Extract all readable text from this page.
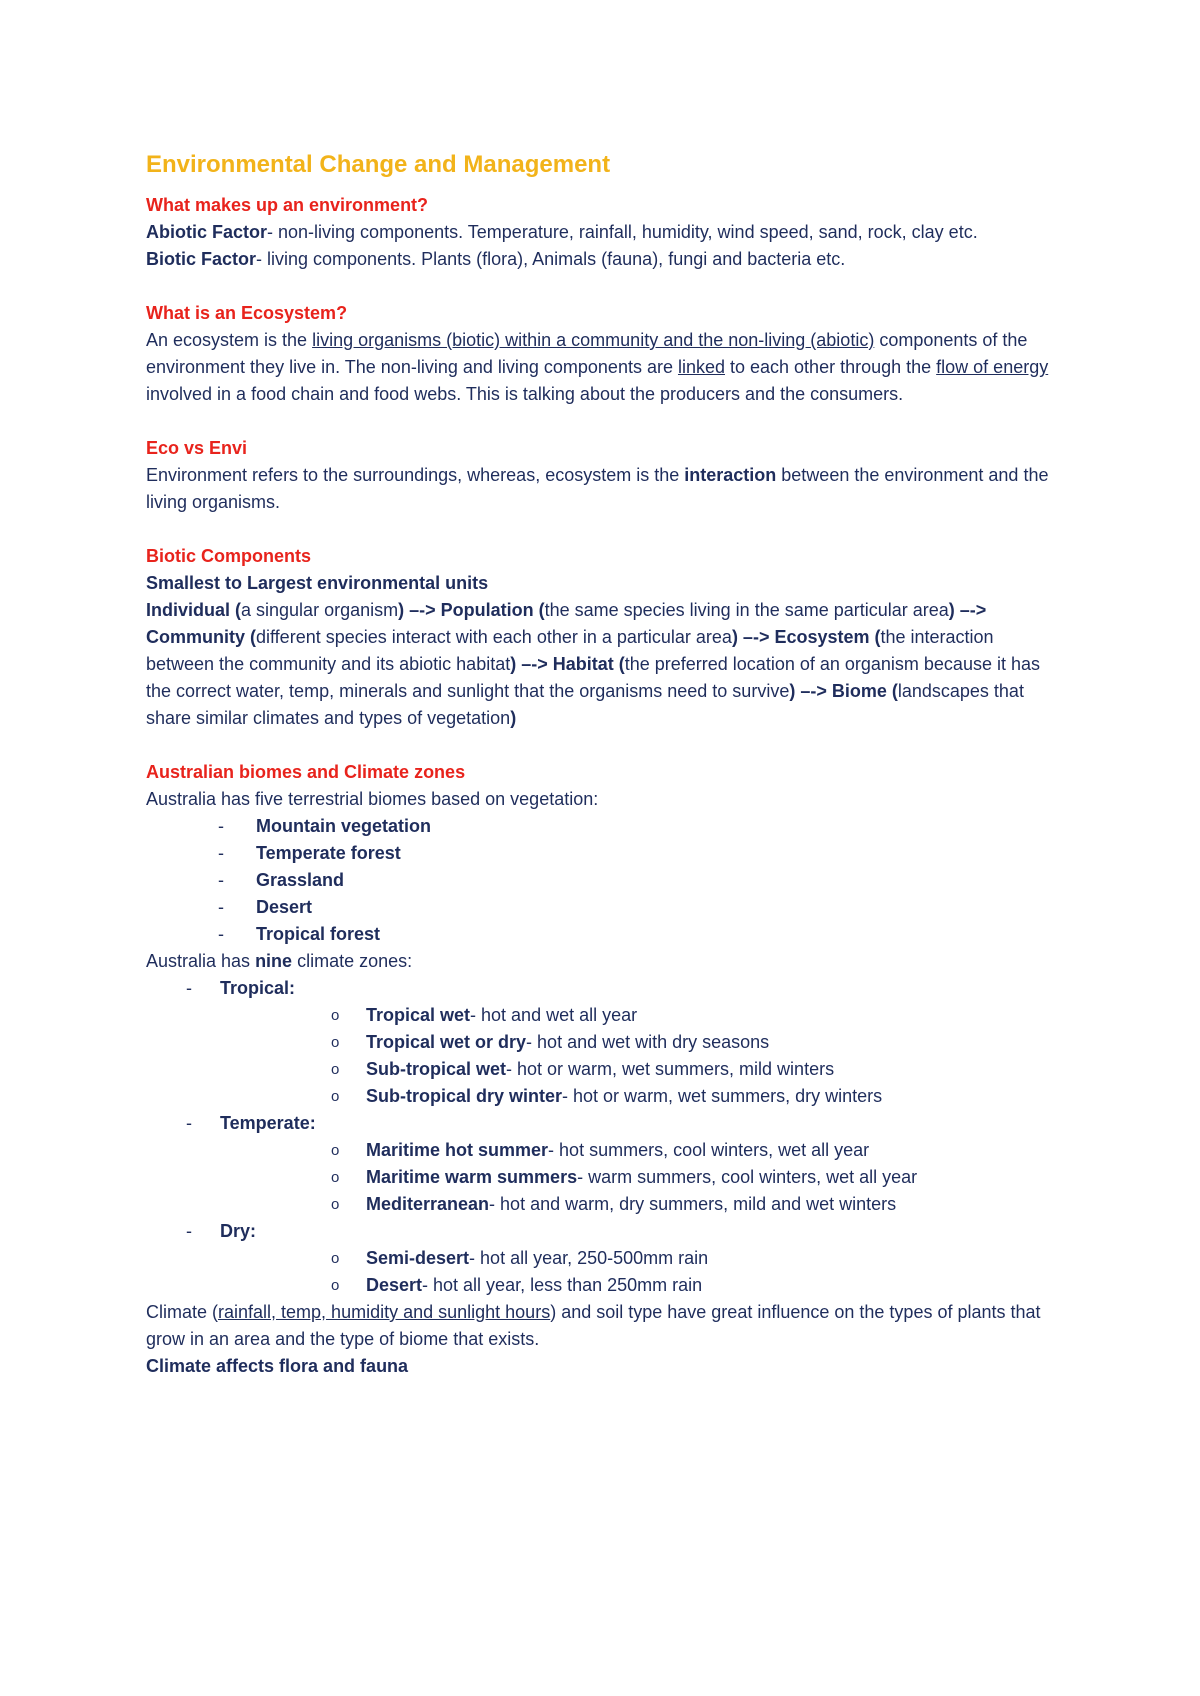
Environmental Change and Management

What makes up an environment?

Abiotic Factor- non-living components. Temperature, rainfall, humidity, wind speed, sand, rock, clay etc.

Biotic Factor- living components. Plants (flora), Animals (fauna), fungi and bacteria etc.

What is an Ecosystem?

An ecosystem is the living organisms (biotic) within a community and the non-living (abiotic) components of the environment they live in. The non-living and living components are linked to each other through the flow of energy involved in a food chain and food webs. This is talking about the producers and the consumers.

Eco vs Envi

Environment refers to the surroundings, whereas, ecosystem is the interaction between the environment and the living organisms.

Biotic Components

Smallest to Largest environmental units

Individual (a singular organism) –-> Population (the same species living in the same particular area) –-> Community (different species interact with each other in a particular area) –-> Ecosystem (the interaction between the community and its abiotic habitat) –-> Habitat (the preferred location of an organism because it has the correct water, temp, minerals and sunlight that the organisms need to survive) –-> Biome (landscapes that share similar climates and types of vegetation)

Australian biomes and Climate zones

Australia has five terrestrial biomes based on vegetation:

- Mountain vegetation
- Temperate forest
- Grassland
- Desert
- Tropical forest

Australia has nine climate zones:

- Tropical:
o Tropical wet- hot and wet all year
o Tropical wet or dry- hot and wet with dry seasons
o Sub-tropical wet- hot or warm, wet summers, mild winters
o Sub-tropical dry winter- hot or warm, wet summers, dry winters
- Temperate:
o Maritime hot summer- hot summers, cool winters, wet all year
o Maritime warm summers- warm summers, cool winters, wet all year
o Mediterranean- hot and warm, dry summers, mild and wet winters
- Dry:
o Semi-desert- hot all year, 250-500mm rain
o Desert- hot all year, less than 250mm rain

Climate (rainfall, temp, humidity and sunlight hours) and soil type have great influence on the types of plants that grow in an area and the type of biome that exists.

Climate affects flora and fauna
